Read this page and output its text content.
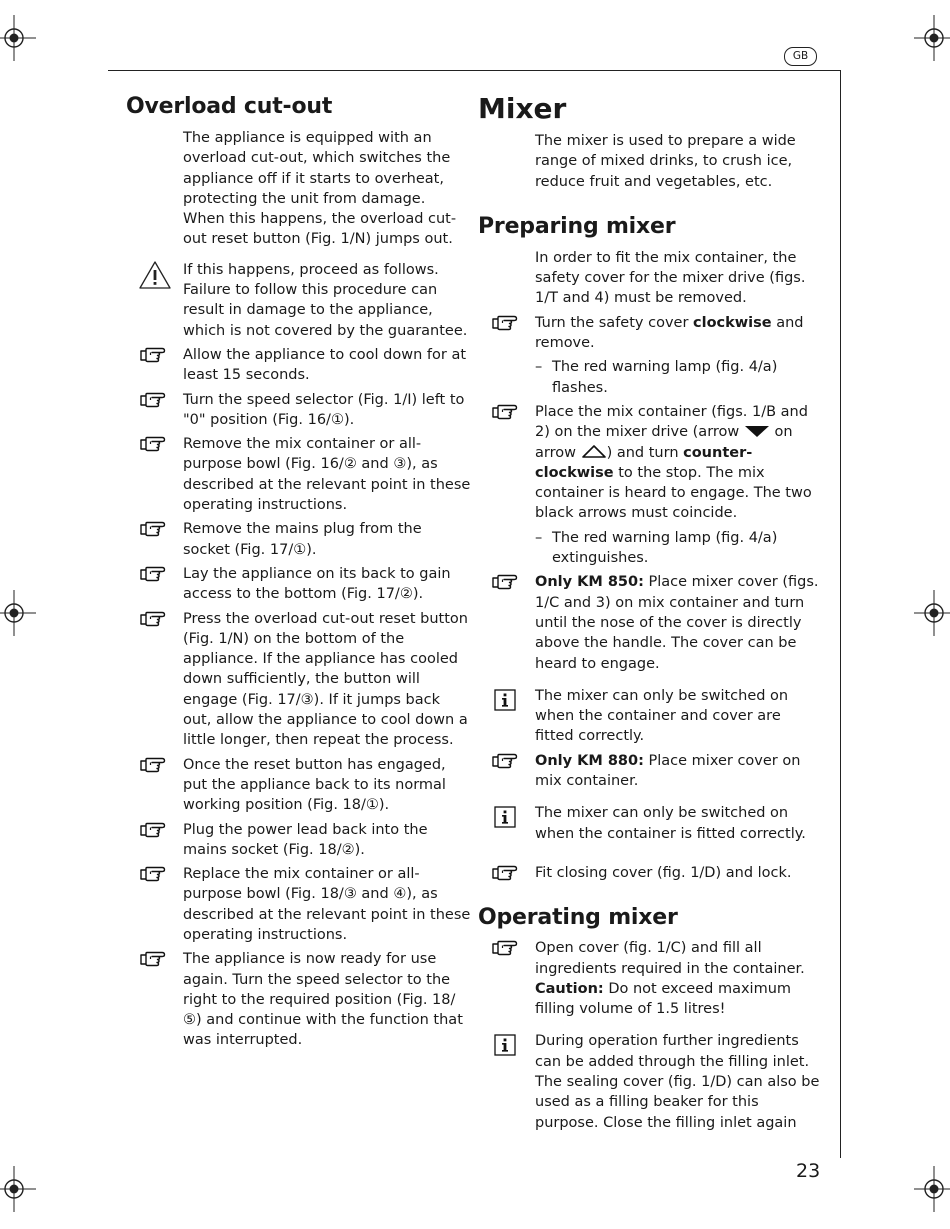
GB
Overload cut-out
The appliance is equipped with an overload cut-out, which switches the appliance off if it starts to overheat, protecting the unit from damage. When this happens, the overload cut-out reset button (Fig. 1/N) jumps out.
If this happens, proceed as follows. Failure to follow this procedure can result in damage to the appliance, which is not covered by the guarantee.
Allow the appliance to cool down for at least 15 seconds.
Turn the speed selector (Fig. 1/I) left to "0" position (Fig. 16/①).
Remove the mix container or all-purpose bowl (Fig. 16/② and ③), as described at the relevant point in these operating instructions.
Remove the mains plug from the socket (Fig. 17/①).
Lay the appliance on its back to gain access to the bottom (Fig. 17/②).
Press the overload cut-out reset button (Fig. 1/N) on the bottom of the appliance. If the appliance has cooled down sufficiently, the button will engage (Fig. 17/③). If it jumps back out, allow the appliance to cool down a little longer, then repeat the process.
Once the reset button has engaged, put the appliance back to its normal working position (Fig. 18/①).
Plug the power lead back into the mains socket (Fig. 18/②).
Replace the mix container or all-purpose bowl (Fig. 18/③ and ④), as described at the relevant point in these operating instructions.
The appliance is now ready for use again. Turn the speed selector to the right to the required position (Fig. 18/⑤) and continue with the function that was interrupted.
Mixer
The mixer is used to prepare a wide range of mixed drinks, to crush ice, reduce fruit and vegetables, etc.
Preparing mixer
In order to fit the mix container, the safety cover for the mixer drive (figs. 1/T and 4) must be removed.
Turn the safety cover clockwise and remove.
– The red warning lamp (fig. 4/a) flashes.
Place the mix container (figs. 1/B and 2) on the mixer drive (arrow  on arrow ) and turn counter-clockwise to the stop. The mix container is heard to engage. The two black arrows must coincide.
– The red warning lamp (fig. 4/a) extinguishes.
Only KM 850: Place mixer cover (figs. 1/C and 3) on mix container and turn until the nose of the cover is directly above the handle. The cover can be heard to engage.
The mixer can only be switched on when the container and cover are fitted correctly.
Only KM 880: Place mixer cover on mix container.
The mixer can only be switched on when the container is fitted correctly.
Fit closing cover (fig. 1/D) and lock.
Operating mixer
Open cover (fig. 1/C) and fill all ingredients required in the container.
Caution: Do not exceed maximum filling volume of 1.5 litres!
During operation further ingredients can be added through the filling inlet. The sealing cover (fig. 1/D) can also be used as a filling beaker for this purpose. Close the filling inlet again
23
